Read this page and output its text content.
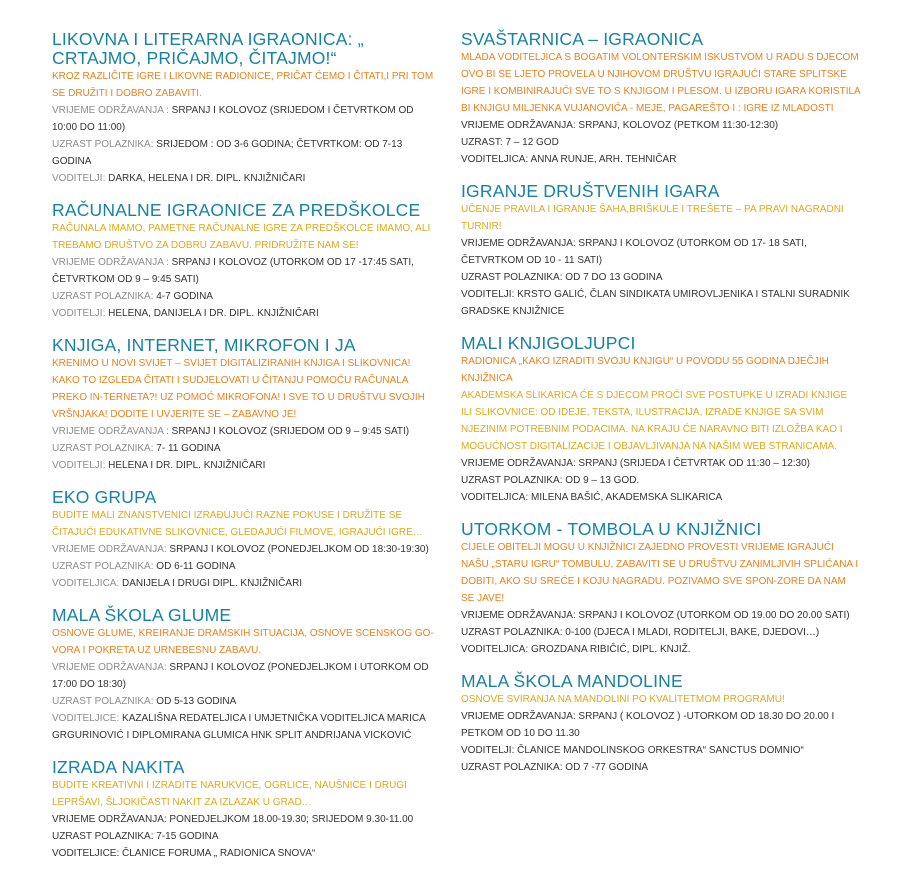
LIKOVNA I LITERARNA IGRAONICA: „ CRTAJMO, PRIČAJMO, ČITAJMO!“
KROZ RAZLIČITE IGRE I LIKOVNE RADIONICE, PRIČAT ĆEMO I ČITATI,I PRI TOM SE DRUŽITI I DOBRO ZABAVITI.
VRIJEME ODRŽAVANJA : SRPANJ I KOLOVOZ (SRIJEDOM I ČETVRTKOM OD 10:00 DO 11:00)
UZRAST POLAZNIKA: SRIJEDOM : OD 3-6 GODINA; ČETVRTKOM: OD 7-13 GODINA
VODITELJI: DARKA, HELENA I DR. DIPL. KNJIŽNIČARI
RAČUNALNE IGRAONICE ZA PREDŠKOLCE
RAČUNALA IMAMO, PAMETNE RAČUNALNE IGRE ZA PREDŠKOLCE IMAMO, ALI TREBAMO DRUŠTVO ZA DOBRU ZABAVU. PRIDRUŽITE NAM SE!
VRIJEME ODRŽAVANJA : SRPANJ I KOLOVOZ (UTORKOM OD 17 -17:45 SATI, ČETVRTKOM OD 9 – 9:45 SATI)
UZRAST POLAZNIKA: 4-7 GODINA
VODITELJI: HELENA, DANIJELA I DR. DIPL. KNJIŽNIČARI
KNJIGA, INTERNET, MIKROFON I JA
KRENIMO U NOVI SVIJET – SVIJET DIGITALIZIRANIH KNJIGA I SLIKOVNICA! KAKO TO IZGLEDA ČITATI I SUDJELOVATI U ČITANJU POMOĆU RAČUNALA PREKO IN-TERNETA?! UZ POMOĆ MIKROFONA! I SVE TO U DRUŠTVU SVOJIH VRŠNJAKA! DODITE I UVJERITE SE – ZABAVNO JE!
VRIJEME ODRŽAVANJA : SRPANJ I KOLOVOZ (SRIJEDOM OD 9 – 9:45 SATI)
UZRAST POLAZNIKA: 7- 11 GODINA
VODITELJI: HELENA I DR. DIPL. KNJIŽNIČARI
EKO GRUPA
BUDITE MALI ZNANSTVENICI IZRAĐUJUĆI RAZNE POKUSE I DRUŽITE SE ČITAJUĆI EDUKATIVNE SLIKOVNICE, GLEDAJUĆI FILMOVE, IGRAJUĆI IGRE…
VRIJEME ODRŽAVANJA: SRPANJ I KOLOVOZ (PONEDJELJKOM OD 18:30-19:30)
UZRAST POLAZNIKA: OD 6-11 GODINA
VODITELJICA: DANIJELA I DRUGI DIPL. KNJIŽNIČARI
MALA ŠKOLA GLUME
OSNOVE GLUME, KREIRANJE DRAMSKIH SITUACIJA, OSNOVE SCENSKOG GO-VORA I POKRETA UZ URNEBESNU ZABAVU.
VRIJEME ODRŽAVANJA: SRPANJ I KOLOVOZ (PONEDJELJKOM I UTORKOM OD 17:00 DO 18:30)
UZRAST POLAZNIKA: OD 5-13 GODINA
VODITELJICE: KAZALIŠNA REDATELJICA I UMJETNIČKA VODITELJICA MARICA GRGURINOVIĆ I DIPLOMIRANA GLUMICA HNK SPLIT ANDRIJANA VICKOVIĆ
IZRADA NAKITA
BUDITE KREATIVNI I IZRADITE NARUKVICE, OGRLICE, NAUŠNICE I DRUGI LEPRŠAVI, ŠLJOKIČASTI NAKIT ZA IZLAZAK U GRAD…
VRIJEME ODRŽAVANJA: PONEDJELJKOM 18.00-19.30; SRIJEDOM 9.30-11.00
UZRAST POLAZNIKA: 7-15 GODINA
VODITELJICE: ČLANICE FORUMA „ RADIONICA SNOVA“
SVAŠTARNICA – IGRAONICA
MLADA VODITELJICA S BOGATIM VOLONTERSKIM ISKUSTVOM U RADU S DJECOM OVO BI SE LJETO PROVELA U NJIHOVOM DRUŠTVU IGRAJUĆI STARE SPLITSKE IGRE I KOMBINIRAJUĆI SVE TO S KNJIGOM I PLESOM. U IZBORU IGARA KORISTILA BI KNJIGU MILJENKA VUJANOVIĆA - MEJE, PAGAREŠTO I : IGRE IZ MLADOSTI
VRIJEME ODRŽAVANJA: SRPANJ, KOLOVOZ (PETKOM 11:30-12:30)
UZRAST: 7 – 12 GOD
VODITELJICA: ANNA RUNJE, ARH. TEHNIČAR
IGRANJE DRUŠTVENIH IGARA
UČENJE PRAVILA I IGRANJE ŠAHA,BRIŠKULE I TREŠETE – PA PRAVI NAGRADNI TURNIR!
VRIJEME ODRŽAVANJA: SRPANJ I KOLOVOZ (UTORKOM OD 17- 18 SATI, ČETVRTKOM OD 10 - 11 SATI)
UZRAST POLAZNIKA: OD 7 DO 13 GODINA
VODITELJI: KRSTO GALIĆ, ČLAN SINDIKATA UMIROVLJENIKA I STALNI SURADNIK GRADSKE KNJIŽNICE
MALI KNJIGOLJUPCI
RADIONICA „KAKO IZRADITI SVOJU KNJIGU“ U POVODU 55 GODINA DJEČJIH KNJIŽNICA
AKADEMSKA SLIKARICA ĆE S DJECOM PROĆI SVE POSTUPKE U IZRADI KNJIGE ILI SLIKOVNICE: OD IDEJE, TEKSTA, ILUSTRACIJA, IZRADE KNJIGE SA SVIM NJEZINIM POTREBNIM PODACIMA. NA KRAJU ĆE NARAVNO BITI IZLOŽBA KAO I MOGUĆNOST DIGITALIZACIJE I OBJAVLJIVANJA NA NAŠIM WEB STRANICAMA.
VRIJEME ODRŽAVANJA: SRPANJ (SRIJEDA I ČETVRTAK OD 11:30 – 12:30)
UZRAST POLAZNIKA: OD 9 – 13 GOD.
VODITELJICA: MILENA BAŠIĆ, AKADEMSKA SLIKARICA
UTORKOM - TOMBOLA U KNJIŽNICI
CIJELE OBITELJI MOGU U KNJIŽNICI ZAJEDNO PROVESTI VRIJEME IGRAJUĆI NAŠU „STARU IGRU“ TOMBULU, ZABAVITI SE U DRUŠTVU ZANIMLJIVIH SPLIĆANA I DOBITI, AKO SU SREĆE I KOJU NAGRADU. POZIVAMO SVE SPON-ZORE DA NAM SE JAVE!
VRIJEME ODRŽAVANJA: SRPANJ I KOLOVOZ (UTORKOM OD 19.00 DO 20.00 SATI)
UZRAST POLAZNIKA: 0-100 (DJECA I MLADI, RODITELJI, BAKE, DJEDOVI…)
VODITELJICA: GROZDANA RIBIČIĆ, DIPL. KNJIŽ.
MALA ŠKOLA MANDOLINE
OSNOVE SVIRANJA NA MANDOLINI PO KVALITETMOM PROGRAMU!
VRIJEME ODRŽAVANJA: SRPANJ ( KOLOVOZ ) -UTORKOM OD 18.30 DO 20.00 I PETKOM OD 10 DO 11.30
VODITELJI: ČLANICE MANDOLINSKOG ORKESTRA“ SANCTUS DOMNIO“
UZRAST POLAZNIKA: OD 7 -77 GODINA
